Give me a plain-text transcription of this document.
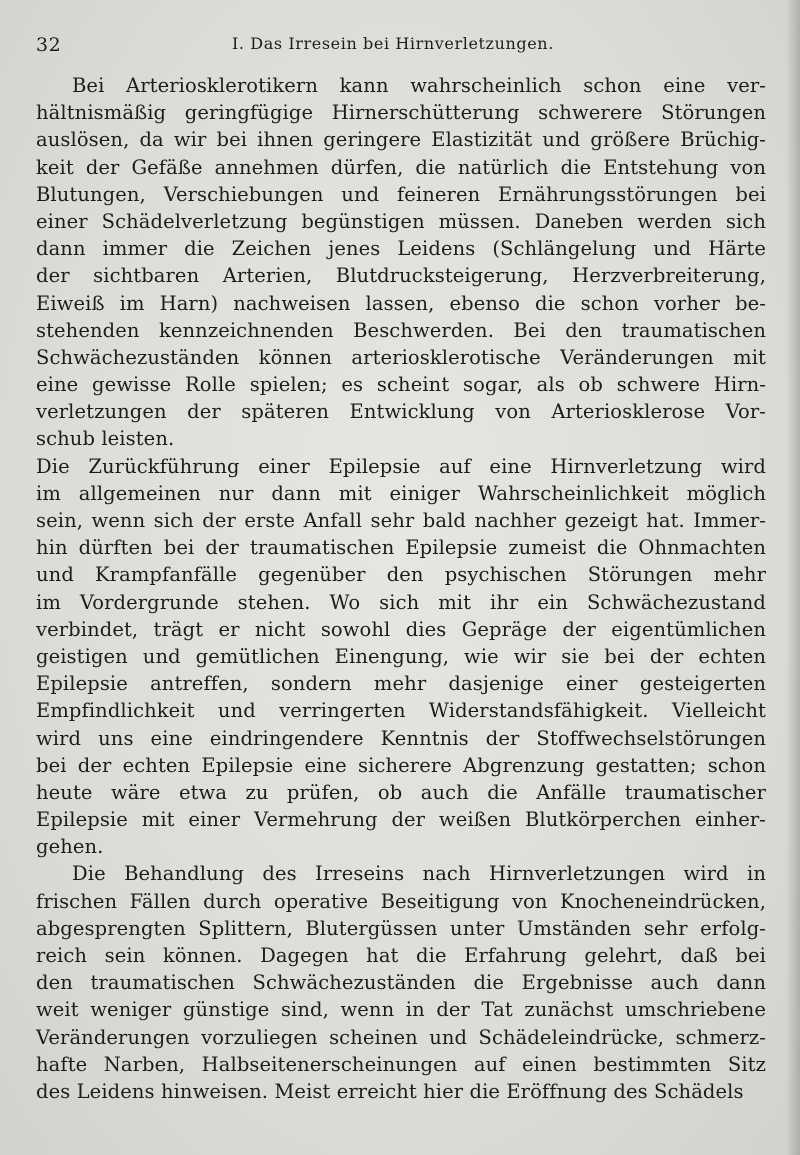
32	I. Das Irresein bei Hirnverletzungen.
Bei Arteriosklerotikern kann wahrscheinlich schon eine ver-
hältnismäßig geringfügige Hirnerschütterung schwerere Störungen
auslösen, da wir bei ihnen geringere Elastizität und größere Brüchig-
keit der Gefäße annehmen dürfen, die natürlich die Entstehung von
Blutungen, Verschiebungen und feineren Ernährungsstörungen bei
einer Schädelverletzung begünstigen müssen. Daneben werden sich
dann immer die Zeichen jenes Leidens (Schlängelung und Härte
der sichtbaren Arterien, Blutdrucksteigerung, Herzverbreiterung,
Eiweiß im Harn) nachweisen lassen, ebenso die schon vorher be-
stehenden kennzeichnenden Beschwerden. Bei den traumatischen
Schwächezuständen können arteriosklerotische Veränderungen mit
eine gewisse Rolle spielen; es scheint sogar, als ob schwere Hirn-
verletzungen der späteren Entwicklung von Arteriosklerose Vor-
schub leisten.
Die Zurückführung einer Epilepsie auf eine Hirnverletzung wird
im allgemeinen nur dann mit einiger Wahrscheinlichkeit möglich
sein, wenn sich der erste Anfall sehr bald nachher gezeigt hat. Immer-
hin dürften bei der traumatischen Epilepsie zumeist die Ohnmachten
und Krampfanfälle gegenüber den psychischen Störungen mehr
im Vordergrunde stehen. Wo sich mit ihr ein Schwächezustand
verbindet, trägt er nicht sowohl dies Gepräge der eigentümlichen
geistigen und gemütlichen Einengung, wie wir sie bei der echten
Epilepsie antreffen, sondern mehr dasjenige einer gesteigerten
Empfindlichkeit und verringerten Widerstandsfähigkeit. Vielleicht
wird uns eine eindringendere Kenntnis der Stoffwechselstörungen
bei der echten Epilepsie eine sicherere Abgrenzung gestatten; schon
heute wäre etwa zu prüfen, ob auch die Anfälle traumatischer
Epilepsie mit einer Vermehrung der weißen Blutkörperchen einher-
gehen.
Die Behandlung des Irreseins nach Hirnverletzungen wird in
frischen Fällen durch operative Beseitigung von Knocheneindrücken,
abgesprengten Splittern, Blutergüssen unter Umständen sehr erfolg-
reich sein können. Dagegen hat die Erfahrung gelehrt, daß bei
den traumatischen Schwächezuständen die Ergebnisse auch dann
weit weniger günstige sind, wenn in der Tat zunächst umschriebene
Veränderungen vorzuliegen scheinen und Schädeleindrücke, schmerz-
hafte Narben, Halbseitenerscheinungen auf einen bestimmten Sitz
des Leidens hinweisen. Meist erreicht hier die Eröffnung des Schädels
